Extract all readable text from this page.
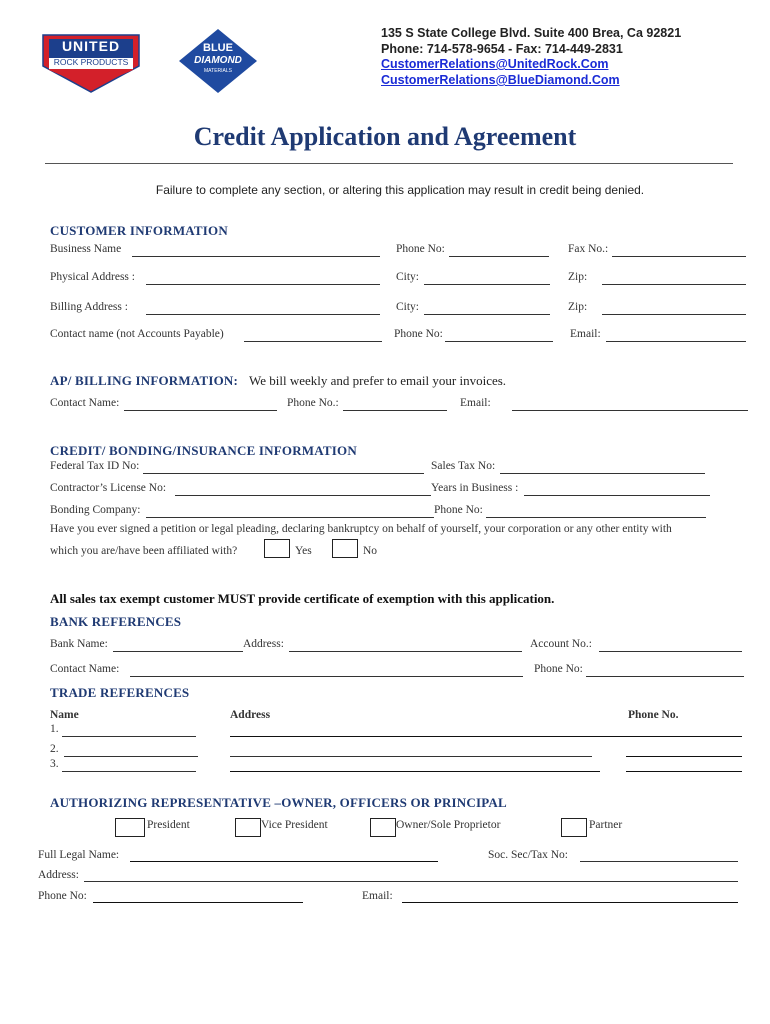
UNITED
ROCK PRODUCTS
BLUE
DIAMOND
MATERIALS
135 S State College Blvd. Suite 400 Brea, Ca 92821
Phone: 714-578-9654 - Fax: 714-449-2831
CustomerRelations@UnitedRock.Com
CustomerRelations@BlueDiamond.Com
Credit Application and Agreement
Failure to complete any section, or altering this application may result in credit being denied.
CUSTOMER INFORMATION
Business Name	Phone No:	Fax No.:
Physical Address :	City:	Zip:
Billing Address :	City:	Zip:
Contact name (not Accounts Payable)	Phone No:	Email:
AP/ BILLING INFORMATION: We bill weekly and prefer to email your invoices.
Contact Name:	Phone No.:	Email:
CREDIT/ BONDING/INSURANCE INFORMATION
Federal Tax ID No:	Sales Tax No:
Contractor’s License No:	Years in Business :
Bonding Company:	Phone No:
Have you ever signed a petition or legal pleading, declaring bankruptcy on behalf of yourself, your corporation or any other entity with
which you are/have been affiliated with?	Yes	No
All sales tax exempt customer MUST provide certificate of exemption with this application.
BANK REFERENCES
Bank Name:	Address:	Account No.:
Contact Name:	Phone No:
TRADE REFERENCES
Name	Address	Phone No.
1.
2.
3.
AUTHORIZING REPRESENTATIVE –OWNER, OFFICERS OR PRINCIPAL
President	Vice President	Owner/Sole Proprietor	Partner
Full Legal Name:	Soc. Sec/Tax No:
Address:
Phone No:	Email:
